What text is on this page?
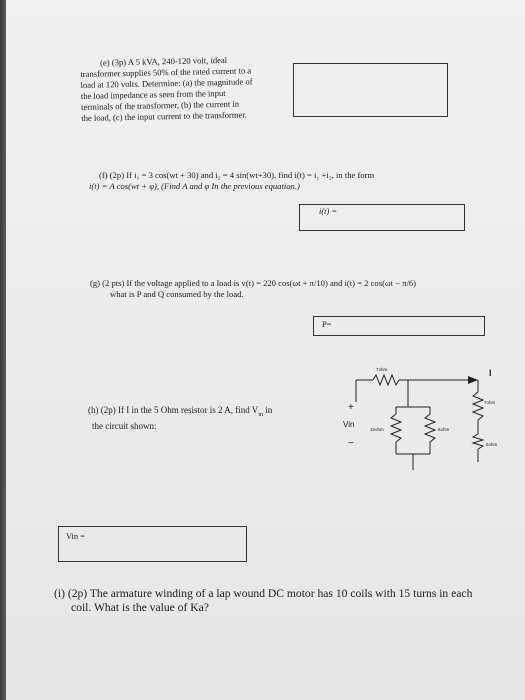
(e) (3p) A 5 kVA, 240-120 volt, ideal
transformer supplies 50% of the rated current to a
load at 120 volts. Determine: (a) the magnitude of
the load impedance as seen from the input
terminals of the transformer, (b) the current in
the load, (c) the input current to the transformer.
(f) (2p) If i₁ = 3 cos(wt + 30) and i₂ = 4 sin(wt+30), find i(t) = i₁ +i₂, in the form
i(t) = A cos(wt + φ), (Find A and φ In the previous equation.)
i(t) =
(g) (2 pts) If the voltage applied to a load is v(t) = 220 cos(ωt + π/10) and i(t) = 2 cos(ωt − π/6)
what is P and Q consumed by the load.
P=
(h) (2p) If I in the 5 Ohm resistor is 2 A, find $V_{in}$ in
the circuit shown:
+
Vin
−
7ohm	I
7ohm
12ohm	6ohm
5ohm
Vin =
(i) (2p) The armature winding of a lap wound DC motor has 10 coils with 15 turns in each
coil. What is the value of Ka?
